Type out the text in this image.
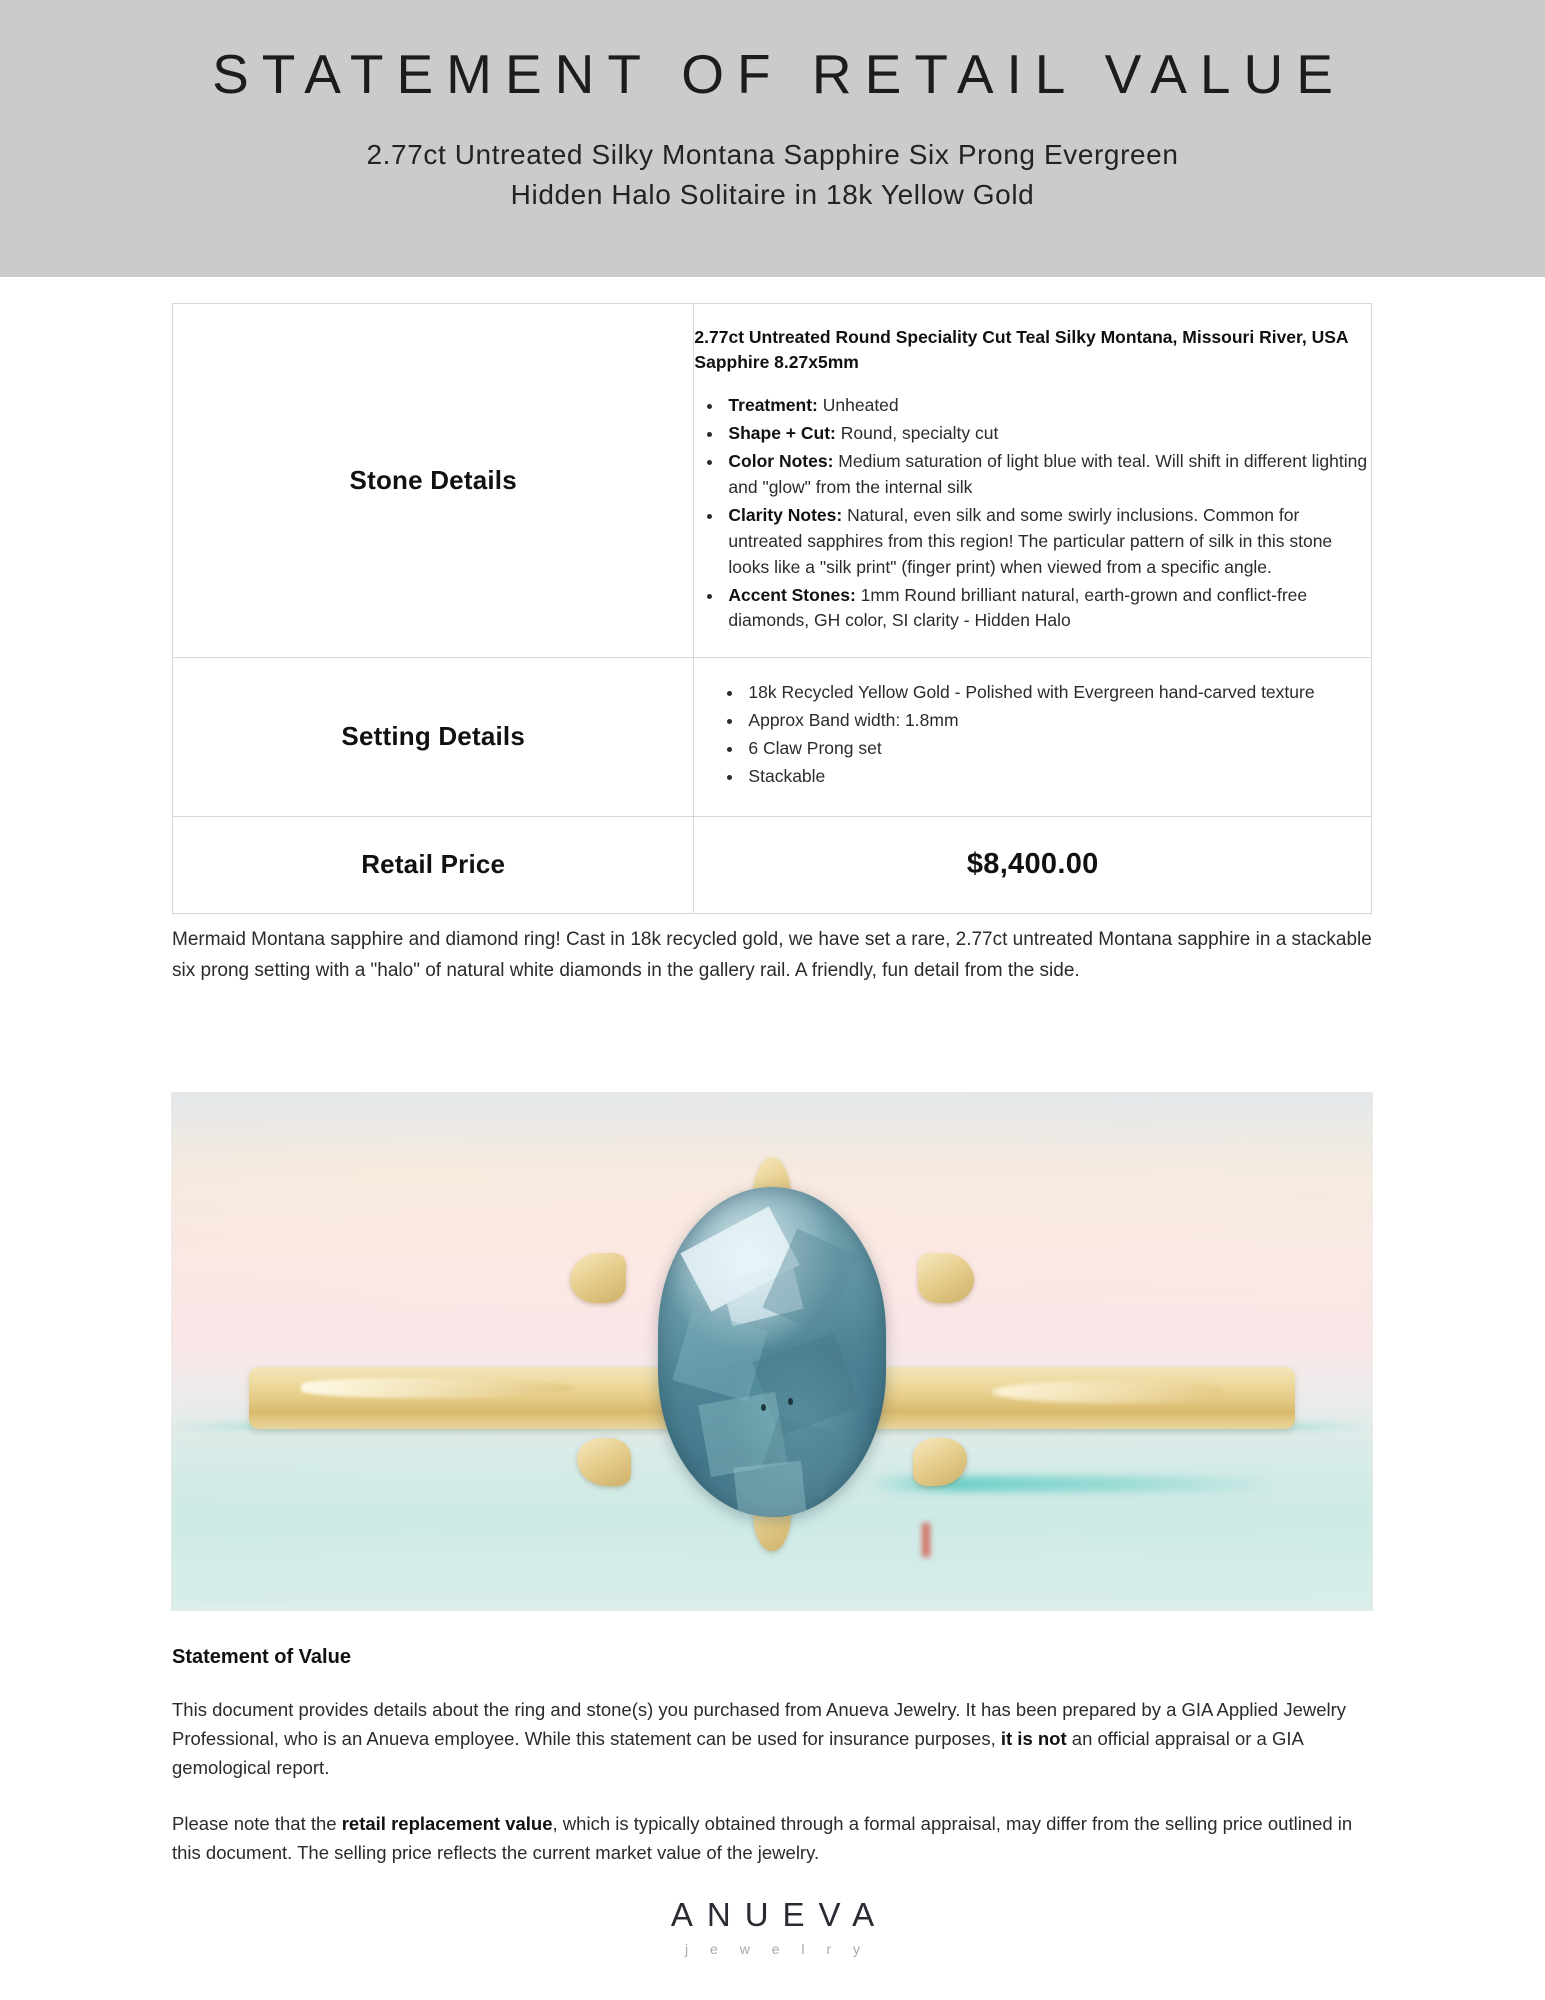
STATEMENT OF RETAIL VALUE
2.77ct Untreated Silky Montana Sapphire Six Prong Evergreen
Hidden Halo Solitaire in 18k Yellow Gold
Stone Details	

2.77ct Untreated Round Speciality Cut Teal Silky Montana, Missouri River, USA Sapphire 8.27x5mm

• Treatment: Unheated
• Shape + Cut: Round, specialty cut
• Color Notes: Medium saturation of light blue with teal. Will shift in different lighting and "glow" from the internal silk
• Clarity Notes: Natural, even silk and some swirly inclusions. Common for untreated sapphires from this region! The particular pattern of silk in this stone looks like a "silk print" (finger print) when viewed from a specific angle.
• Accent Stones: 1mm Round brilliant natural, earth-grown and conflict-free diamonds, GH color, SI clarity - Hidden Halo

Setting Details	
• 18k Recycled Yellow Gold - Polished with Evergreen hand-carved texture
• Approx Band width: 1.8mm
• 6 Claw Prong set
• Stackable

Retail Price	$8,400.00
Mermaid Montana sapphire and diamond ring! Cast in 18k recycled gold, we have set a rare, 2.77ct untreated Montana sapphire in a stackable six prong setting with a "halo" of natural white diamonds in the gallery rail. A friendly, fun detail from the side.
Statement of Value

This document provides details about the ring and stone(s) you purchased from Anueva Jewelry. It has been prepared by a GIA Applied Jewelry Professional, who is an Anueva employee. While this statement can be used for insurance purposes, it is not an official appraisal or a GIA gemological report.

Please note that the retail replacement value, which is typically obtained through a formal appraisal, may differ from the selling price outlined in this document. The selling price reflects the current market value of the jewelry.

ANUEVA
j e w e l r y
